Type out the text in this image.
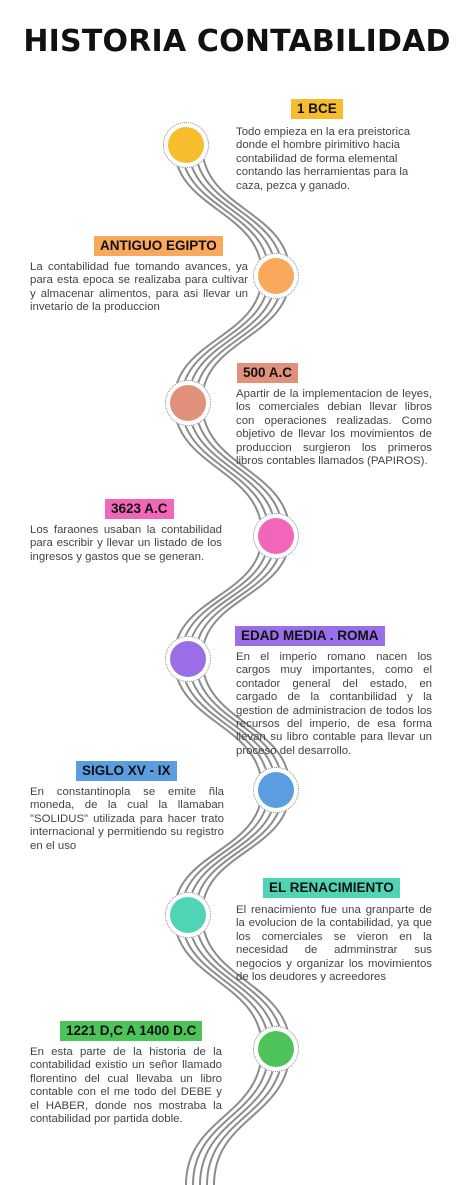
HISTORIA CONTABILIDAD
1 BCE

Todo empieza en la era preistorica donde el hombre pirimitivo hacia contabilidad de forma elemental contando las herramientas para la caza, pezca y ganado.

ANTIGUO EGIPTO

La contabilidad fue tomando avances, ya para esta epoca se realizaba para cultivar y almacenar alimentos, para asi llevar un invetario de la produccion

500 A.C

Apartir de la implementacion de leyes, los comerciales debian llevar libros con operaciones realizadas. Como objetivo de llevar los movimientos de produccion surgieron los primeros libros contables llamados (PAPIROS).

3623 A.C

Los faraones usaban la contabilidad para escribir y llevar un listado de los ingresos y gastos que se generan.

EDAD MEDIA . ROMA

En el imperio romano nacen los cargos muy importantes, como el contador general del estado, en cargado de la contanbilidad y la gestion de administracion de todos los recursos del imperio, de esa forma llevan su libro contable para llevar un proceso del desarrollo.

SIGLO XV - IX

En constantinopla se emite ñla moneda, de la cual la llamaban "SOLIDUS" utilizada para hacer trato internacional y permitiendo su registro en el uso

EL RENACIMIENTO

El renacimiento fue una granparte de la evolucion de la contabilidad, ya que los comerciales se vieron en la necesidad de admminstrar sus negocios y organizar los movimientos de los deudores y acreedores

1221 D,C A 1400 D.C

En esta parte de la historia de la contabilidad existio un señor llamado florentino del cual llevaba un libro contable con el me todo del DEBE y el HABER, donde nos mostraba la contabilidad por partida doble.
